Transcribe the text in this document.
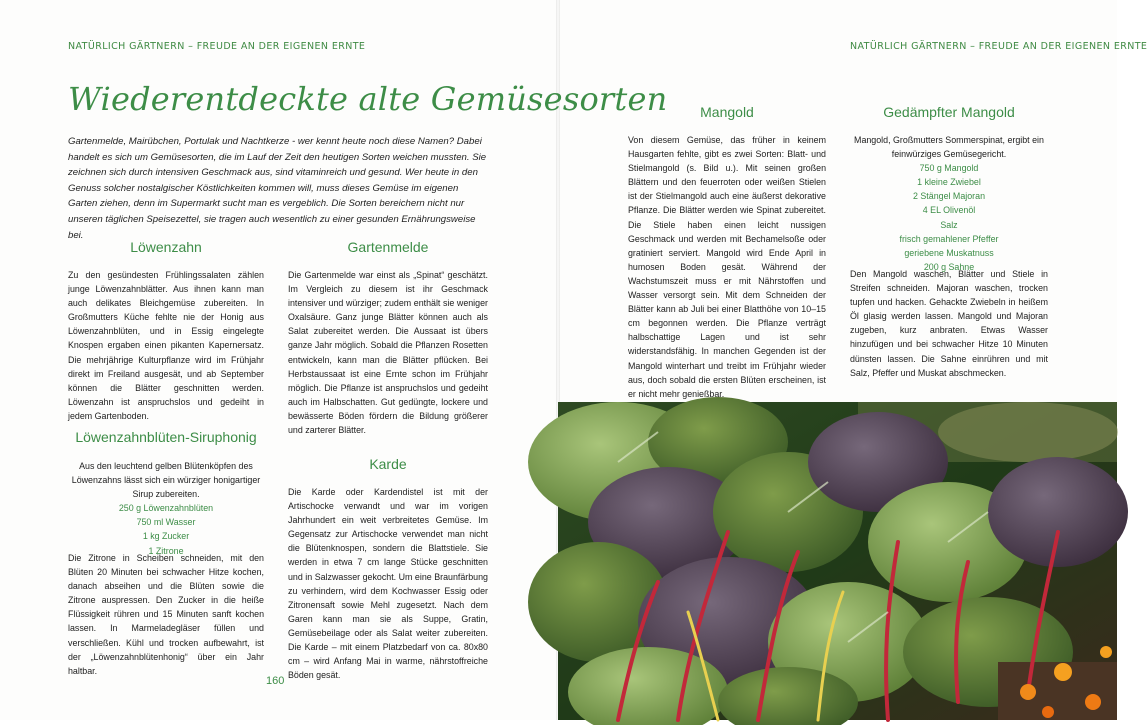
NATÜRLICH GÄRTNERN – FREUDE AN DER EIGENEN ERNTE	NATÜRLICH GÄRTNERN – FREUDE AN DER EIGENEN ERNTE
Wiederentdeckte alte Gemüsesorten

Gartenmelde, Mairübchen, Portulak und Nachtkerze - wer kennt heute noch diese Namen? Dabei handelt es sich um Gemüsesorten, die im Lauf der Zeit den heutigen Sorten weichen mussten. Sie zeichnen sich durch intensiven Geschmack aus, sind vitaminreich und gesund. Wer heute in den Genuss solcher nostalgischer Köstlichkeiten kommen will, muss dieses Gemüse im eigenen Garten ziehen, denn im Supermarkt sucht man es vergeblich. Die Sorten bereichern nicht nur unseren täglichen Speisezettel, sie tragen auch wesentlich zu einer gesunden Ernährungsweise bei.

Löwenzahn

Zu den gesündesten Frühlingssalaten zählen junge Löwenzahnblätter. Aus ihnen kann man auch delikates Bleichgemüse zubereiten. In Großmutters Küche fehlte nie der Honig aus Löwenzahnblüten, und in Essig eingelegte Knospen ergaben einen pikanten Kapernersatz. Die mehrjährige Kulturpflanze wird im Frühjahr direkt im Freiland ausgesät, und ab September können die Blätter geschnitten werden. Löwenzahn ist anspruchslos und gedeiht in jedem Gartenboden.

Löwenzahnblüten-Siruphonig
Aus den leuchtend gelben Blütenköpfen des Löwenzahns lässt sich ein würziger honigartiger Sirup zubereiten.
250 g Löwenzahnblüten
750 ml Wasser
1 kg Zucker
1 Zitrone

Die Zitrone in Scheiben schneiden, mit den Blüten 20 Minuten bei schwacher Hitze kochen, danach abseihen und die Blüten sowie die Zitrone auspressen. Den Zucker in die heiße Flüssigkeit rühren und 15 Minuten sanft kochen lassen. In Marmeladegläser füllen und verschließen. Kühl und trocken aufbewahrt, ist der „Löwenzahnblütenhonig“ über ein Jahr haltbar.

Gartenmelde

Die Gartenmelde war einst als „Spinat“ geschätzt. Im Vergleich zu diesem ist ihr Geschmack intensiver und würziger; zudem enthält sie weniger Oxalsäure. Ganz junge Blätter können auch als Salat zubereitet werden. Die Aussaat ist übers ganze Jahr möglich. Sobald die Pflanzen Rosetten entwickeln, kann man die Blätter pflücken. Bei Herbstaussaat ist eine Ernte schon im Frühjahr möglich. Die Pflanze ist anspruchslos und gedeiht auch im Halbschatten. Gut gedüngte, lockere und bewässerte Böden fördern die Bildung größerer und zarterer Blätter.

Karde

Die Karde oder Kardendistel ist mit der Artischocke verwandt und war im vorigen Jahrhundert ein weit verbreitetes Gemüse. Im Gegensatz zur Artischocke verwendet man nicht die Blütenknospen, sondern die Blattstiele. Sie werden in etwa 7 cm lange Stücke geschnitten und in Salzwasser gekocht. Um eine Braunfärbung zu verhindern, wird dem Kochwasser Essig oder Zitronensaft sowie Mehl zugesetzt. Nach dem Garen kann man sie als Suppe, Gratin, Gemüsebeilage oder als Salat weiter zubereiten. Die Karde – mit einem Platzbedarf von ca. 80x80 cm – wird Anfang Mai in warme, nährstoffreiche Böden gesät.

160
Mangold

Von diesem Gemüse, das früher in keinem Hausgarten fehlte, gibt es zwei Sorten: Blatt- und Stielmangold (s. Bild u.). Mit seinen großen Blättern und den feuerroten oder weißen Stielen ist der Stielmangold auch eine äußerst dekorative Pflanze. Die Blätter werden wie Spinat zubereitet. Die Stiele haben einen leicht nussigen Geschmack und werden mit Bechamelsoße oder gratiniert serviert. Mangold wird Ende April in humosen Boden gesät. Während der Wachstumszeit muss er mit Nährstoffen und Wasser versorgt sein. Mit dem Schneiden der Blätter kann ab Juli bei einer Blatthöhe von 10–15 cm begonnen werden. Die Pflanze verträgt halbschattige Lagen und ist sehr widerstandsfähig. In manchen Gegenden ist der Mangold winterhart und treibt im Frühjahr wieder aus, doch sobald die ersten Blüten erscheinen, ist er nicht mehr genießbar.

Gedämpfter Mangold
Mangold, Großmutters Sommerspinat, ergibt ein feinwürziges Gemüsegericht.
750 g Mangold
1 kleine Zwiebel
2 Stängel Majoran
4 EL Olivenöl
Salz
frisch gemahlener Pfeffer
geriebene Muskatnuss
200 g Sahne

Den Mangold waschen, Blätter und Stiele in Streifen schneiden. Majoran waschen, trocken tupfen und hacken. Gehackte Zwiebeln in heißem Öl glasig werden lassen. Mangold und Majoran zugeben, kurz anbraten. Etwas Wasser hinzufügen und bei schwacher Hitze 10 Minuten dünsten lassen. Die Sahne einrühren und mit Salz, Pfeffer und Muskat abschmecken.
